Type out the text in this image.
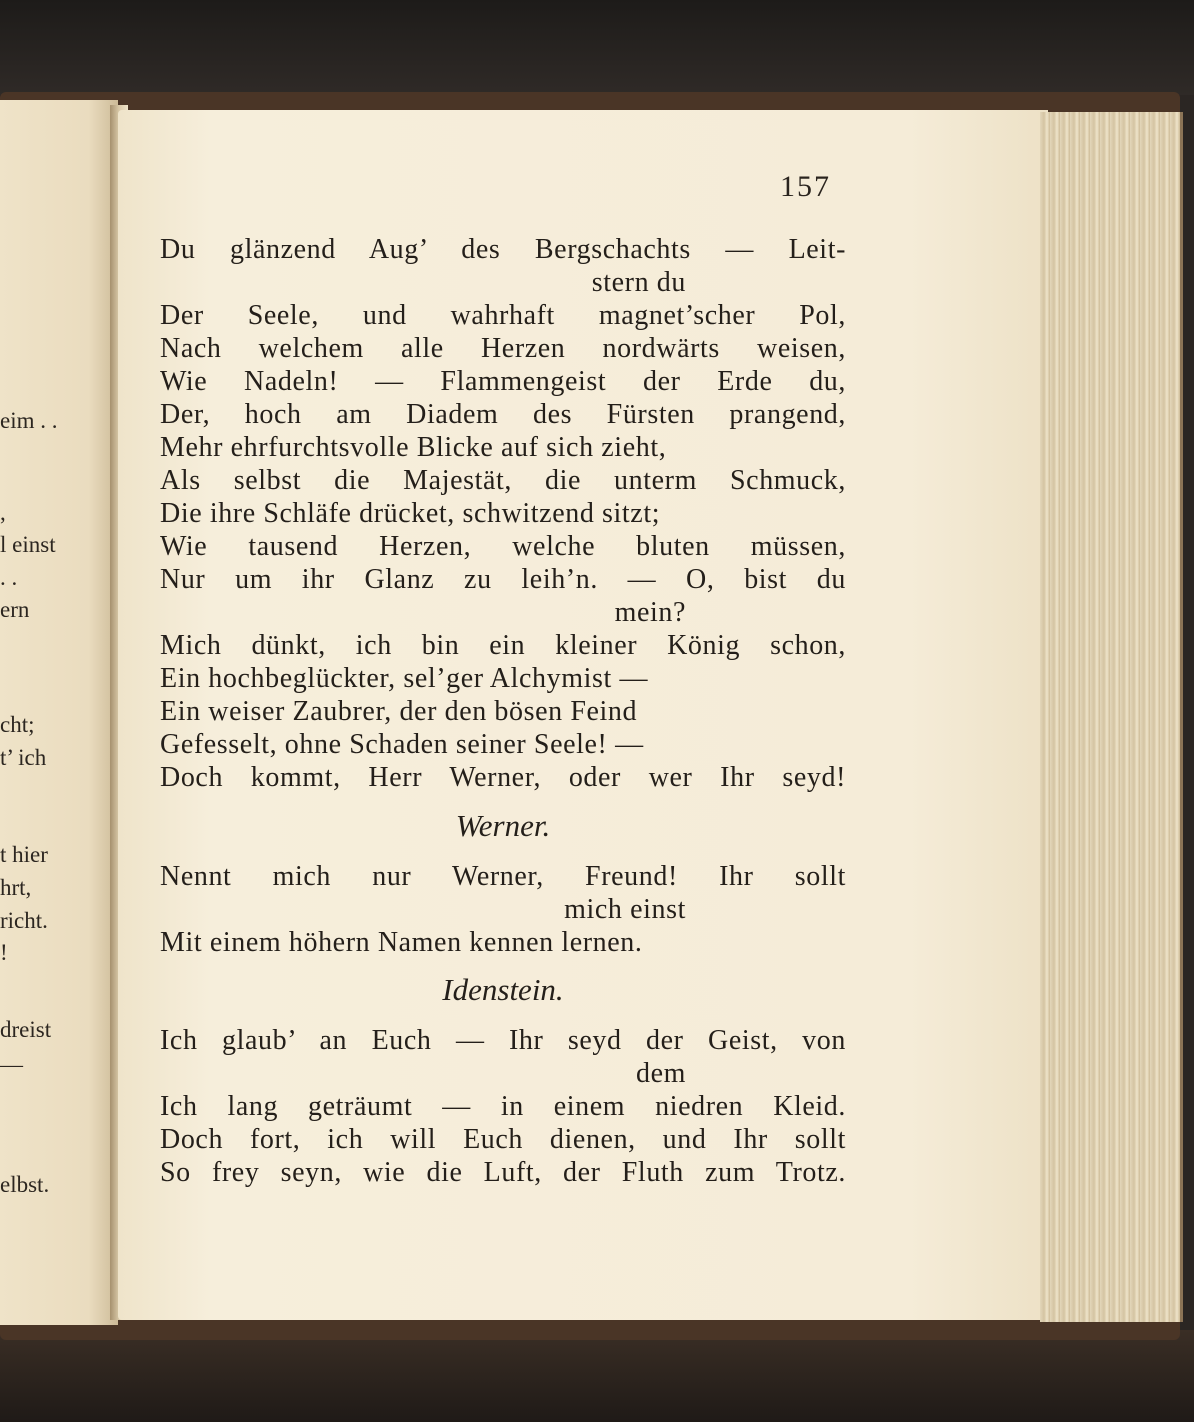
eim . .
,
l einst
. .
ern
cht;
t’ ich
t hier
hrt,
richt.
!
dreist
—
elbst.
157
Du glänzend Aug’ des Bergschachts — Leit-
stern du
Der Seele, und wahrhaft magnet’scher Pol,
Nach welchem alle Herzen nordwärts weisen,
Wie Nadeln! — Flammengeist der Erde du,
Der, hoch am Diadem des Fürsten prangend,
Mehr ehrfurchtsvolle Blicke auf sich zieht,
Als selbst die Majestät, die unterm Schmuck,
Die ihre Schläfe drücket, schwitzend sitzt;
Wie tausend Herzen, welche bluten müssen,
Nur um ihr Glanz zu leih’n. — O, bist du
mein?
Mich dünkt, ich bin ein kleiner König schon,
Ein hochbeglückter, sel’ger Alchymist —
Ein weiser Zaubrer, der den bösen Feind
Gefesselt, ohne Schaden seiner Seele! —
Doch kommt, Herr Werner, oder wer Ihr seyd!
Nennt mich nur Werner, Freund! Ihr sollt
mich einst
Mit einem höhern Namen kennen lernen.
Ich glaub’ an Euch — Ihr seyd der Geist, von
dem
Ich lang geträumt — in einem niedren Kleid.
Doch fort, ich will Euch dienen, und Ihr sollt
So frey seyn, wie die Luft, der Fluth zum Trotz.
Werner.
Idenstein.
